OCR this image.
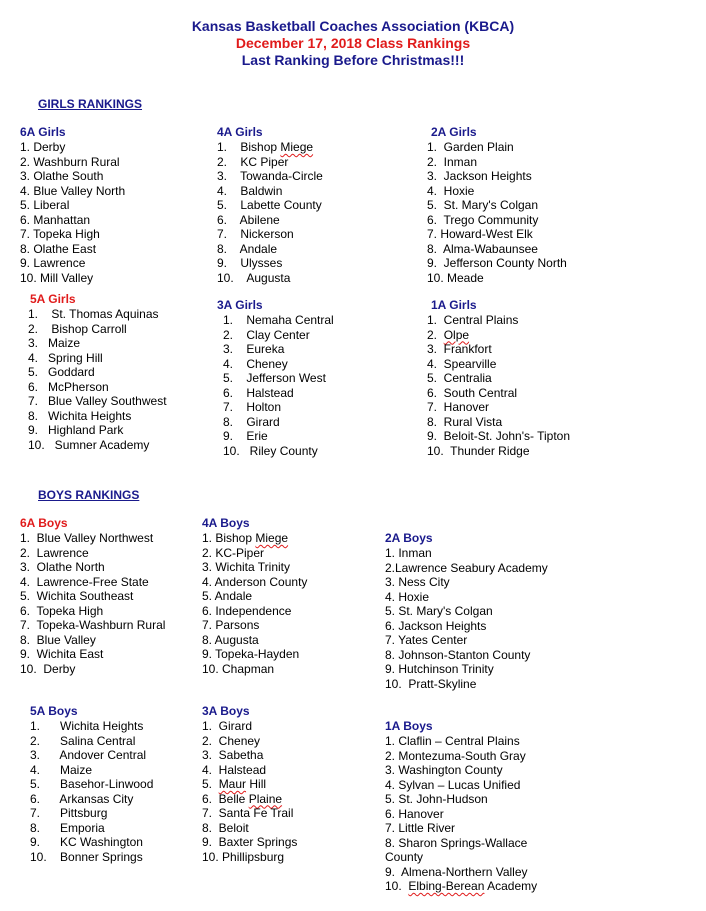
Kansas Basketball Coaches Association (KBCA)
December 17, 2018 Class Rankings
Last Ranking Before Christmas!!!
GIRLS RANKINGS
6A Girls
1. Derby
2. Washburn Rural
3. Olathe South
4. Blue Valley North
5. Liberal
6. Manhattan
7. Topeka High
8. Olathe East
9. Lawrence
10. Mill Valley
5A Girls
1.    St. Thomas Aquinas
2.    Bishop Carroll
3.   Maize
4.   Spring Hill
5.   Goddard
6.   McPherson
7.   Blue Valley Southwest
8.   Wichita Heights
9.   Highland Park
10.   Sumner Academy
4A Girls
1.    Bishop Miege
2.    KC Piper
3.    Towanda-Circle
4.    Baldwin
5.    Labette County
6.    Abilene
7.    Nickerson
8.    Andale
9.    Ulysses
10.    Augusta
3A Girls
1.    Nemaha Central
2.    Clay Center
3.    Eureka
4.    Cheney
5.    Jefferson West
6.    Halstead
7.    Holton
8.    Girard
9.    Erie
10.   Riley County
2A Girls
1.  Garden Plain
2.  Inman
3.  Jackson Heights
4.  Hoxie
5.  St. Mary's Colgan
6.  Trego Community
7. Howard-West Elk
8.  Alma-Wabaunsee
9.  Jefferson County North
10. Meade
1A Girls
1.  Central Plains
2.  Olpe
3.  Frankfort
4.  Spearville
5.  Centralia
6.  South Central
7.  Hanover
8.  Rural Vista
9.  Beloit-St. John's- Tipton
10.  Thunder Ridge
BOYS RANKINGS
6A Boys
1.  Blue Valley Northwest
2.  Lawrence
3.  Olathe North
4.  Lawrence-Free State
5.  Wichita Southeast
6.  Topeka High
7.  Topeka-Washburn Rural
8.  Blue Valley
9.  Wichita East
10.  Derby
5A Boys
1.      Wichita Heights
2.      Salina Central
3.      Andover Central
4.      Maize
5.      Basehor-Linwood
6.      Arkansas City
7.      Pittsburg
8.      Emporia
9.      KC Washington
10.    Bonner Springs
4A Boys
1. Bishop Miege
2. KC-Piper
3. Wichita Trinity
4. Anderson County
5. Andale
6. Independence
7. Parsons
8. Augusta
9. Topeka-Hayden
10. Chapman
3A Boys
1.  Girard
2.  Cheney
3.  Sabetha
4.  Halstead
5.  Maur Hill
6.  Belle Plaine
7.  Santa Fe Trail
8.  Beloit
9.  Baxter Springs
10. Phillipsburg
2A Boys
1. Inman
2.Lawrence Seabury Academy
3. Ness City
4. Hoxie
5. St. Mary's Colgan
6. Jackson Heights
7. Yates Center
8. Johnson-Stanton County
9. Hutchinson Trinity
10.  Pratt-Skyline
1A Boys
1. Claflin – Central Plains
2. Montezuma-South Gray
3. Washington County
4. Sylvan – Lucas Unified
5. St. John-Hudson
6. Hanover
7. Little River
8. Sharon Springs-Wallace
County
9.  Almena-Northern Valley
10.  Elbing-Berean Academy
